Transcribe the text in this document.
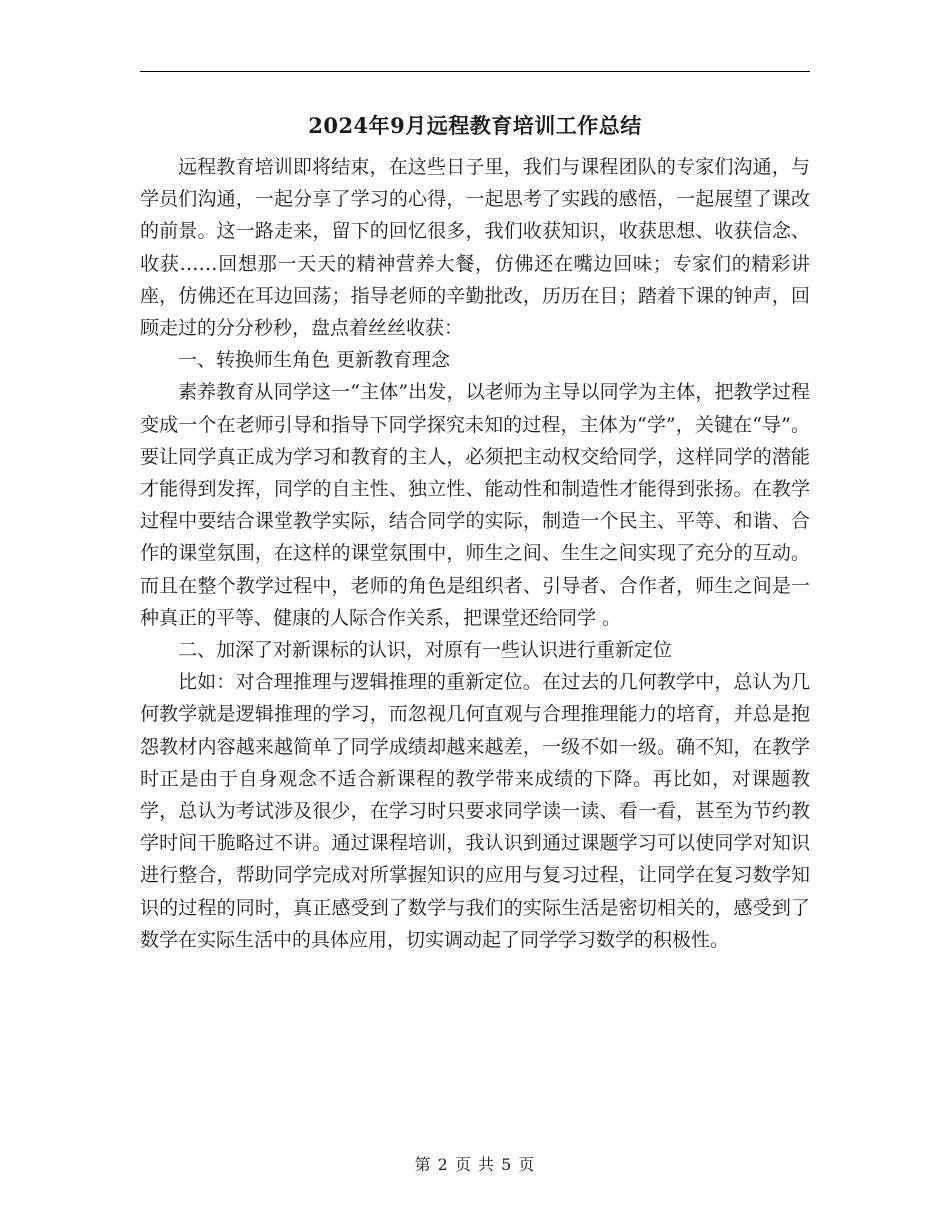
2024年9月远程教育培训工作总结

远程教育培训即将结束，在这些日子里，我们与课程团队的专家们沟通，与学员们沟通，一起分享了学习的心得，一起思考了实践的感悟，一起展望了课改的前景。这一路走来，留下的回忆很多，我们收获知识，收获思想、收获信念、收获……回想那一天天的精神营养大餐，仿佛还在嘴边回味；专家们的精彩讲座，仿佛还在耳边回荡；指导老师的辛勤批改，历历在目；踏着下课的钟声，回顾走过的分分秒秒，盘点着丝丝收获：

一、转换师生角色 更新教育理念

素养教育从同学这一“主体”出发，以老师为主导以同学为主体，把教学过程变成一个在老师引导和指导下同学探究未知的过程，主体为“学”，关键在“导”。要让同学真正成为学习和教育的主人，必须把主动权交给同学，这样同学的潜能才能得到发挥，同学的自主性、独立性、能动性和制造性才能得到张扬。在教学过程中要结合课堂教学实际，结合同学的实际，制造一个民主、平等、和谐、合作的课堂氛围，在这样的课堂氛围中，师生之间、生生之间实现了充分的互动。而且在整个教学过程中，老师的角色是组织者、引导者、合作者，师生之间是一种真正的平等、健康的人际合作关系，把课堂还给同学 。

二、加深了对新课标的认识，对原有一些认识进行重新定位

比如：对合理推理与逻辑推理的重新定位。在过去的几何教学中，总认为几何教学就是逻辑推理的学习，而忽视几何直观与合理推理能力的培育，并总是抱怨教材内容越来越简单了同学成绩却越来越差，一级不如一级。确不知，在教学时正是由于自身观念不适合新课程的教学带来成绩的下降。再比如，对课题教学，总认为考试涉及很少，在学习时只要求同学读一读、看一看，甚至为节约教学时间干脆略过不讲。通过课程培训，我认识到通过课题学习可以使同学对知识进行整合，帮助同学完成对所掌握知识的应用与复习过程，让同学在复习数学知识的过程的同时，真正感受到了数学与我们的实际生活是密切相关的，感受到了数学在实际生活中的具体应用，切实调动起了同学学习数学的积极性。

第 2 页 共 5 页
